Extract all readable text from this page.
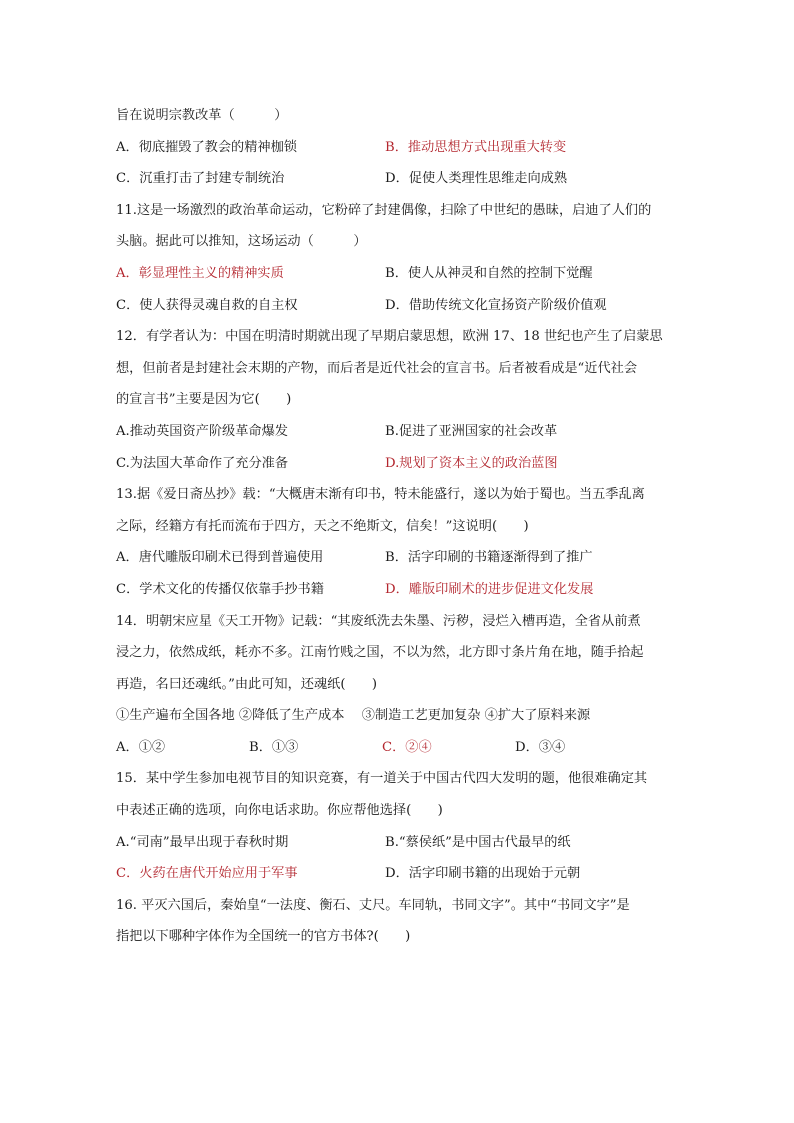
旨在说明宗教改革（　　　）
A．彻底摧毁了教会的精神枷锁	B．推动思想方式出现重大转变
C．沉重打击了封建专制统治	D．促使人类理性思维走向成熟
11.这是一场激烈的政治革命运动，它粉碎了封建偶像，扫除了中世纪的愚昧，启迪了人们的
头脑。据此可以推知，这场运动（　　　）
A．彰显理性主义的精神实质	B．使人从神灵和自然的控制下觉醒
C．使人获得灵魂自救的自主权	D．借助传统文化宣扬资产阶级价值观
12．有学者认为：中国在明清时期就出现了早期启蒙思想，欧洲 17、18 世纪也产生了启蒙思
想，但前者是封建社会末期的产物，而后者是近代社会的宣言书。后者被看成是“近代社会
的宣言书”主要是因为它(　　)
A.推动英国资产阶级革命爆发	B.促进了亚洲国家的社会改革
C.为法国大革命作了充分准备	D.规划了资本主义的政治蓝图
13.据《爱日斋丛抄》载：“大概唐末渐有印书，特未能盛行，遂以为始于蜀也。当五季乱离
之际，经籍方有托而流布于四方，天之不绝斯文，信矣！”这说明(　　)
A．唐代雕版印刷术已得到普遍使用	B．活字印刷的书籍逐渐得到了推广
C．学术文化的传播仅依靠手抄书籍	D．雕版印刷术的进步促进文化发展
14．明朝宋应星《天工开物》记载：“其废纸洗去朱墨、污秽，浸烂入槽再造，全省从前煮
浸之力，依然成纸，耗亦不多。江南竹贱之国，不以为然，北方即寸条片角在地，随手拾起
再造，名曰还魂纸。”由此可知，还魂纸(　　)
①生产遍布全国各地 ②降低了生产成本　 ③制造工艺更加复杂 ④扩大了原料来源
A．①②	B．①③	C．②④	D．③④
15．某中学生参加电视节目的知识竞赛，有一道关于中国古代四大发明的题，他很难确定其
中表述正确的选项，向你电话求助。你应帮他选择(　　)
A.“司南”最早出现于春秋时期	B.“蔡侯纸”是中国古代最早的纸
C．火药在唐代开始应用于军事	D．活字印刷书籍的出现始于元朝
16. 平灭六国后，秦始皇“一法度、衡石、丈尺。车同轨，书同文字”。其中“书同文字”是
指把以下哪种字体作为全国统一的官方书体?(　　)
